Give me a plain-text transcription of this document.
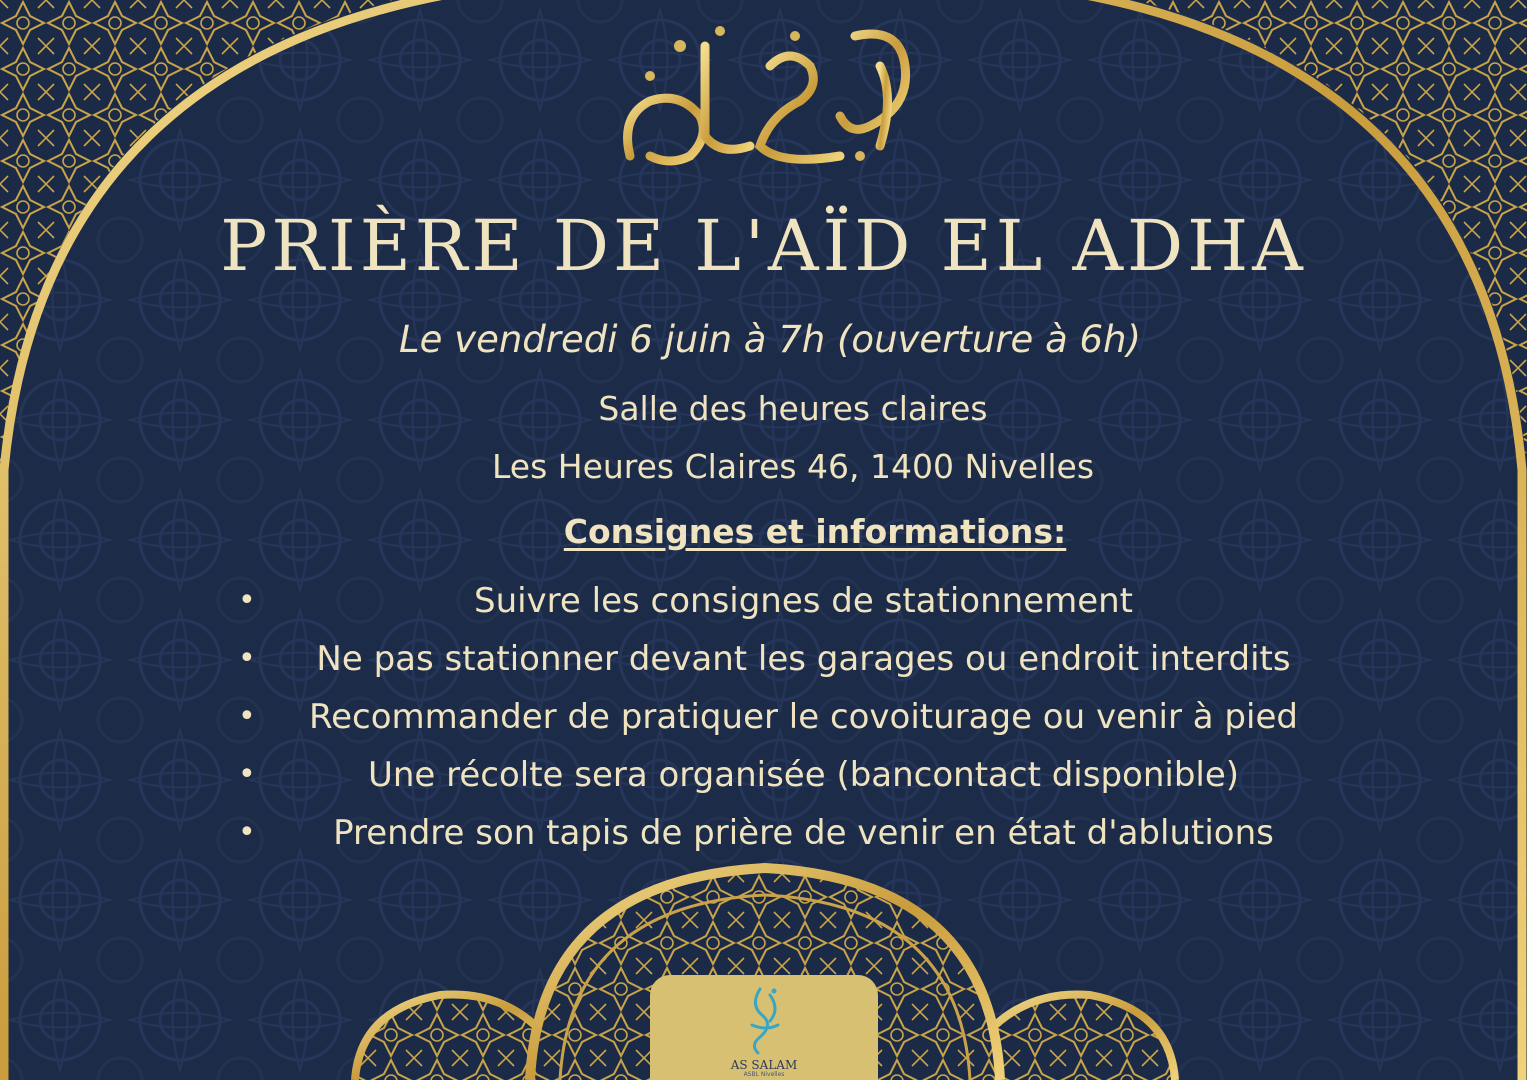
عيد مبارك
PRIÈRE DE L'AÏD EL ADHA
Le vendredi 6 juin à 7h (ouverture à 6h)
Salle des heures claires
Les Heures Claires 46, 1400 Nivelles
Consignes et informations:
•	Suivre les consignes de stationnement
•	Ne pas stationner devant les garages ou endroit interdits
•	Recommander de pratiquer le covoiturage ou venir à pied
•	Une récolte sera organisée (bancontact disponible)
•	Prendre son tapis de prière de venir en état d'ablutions
AS SALAM
ASBL Nivelles
